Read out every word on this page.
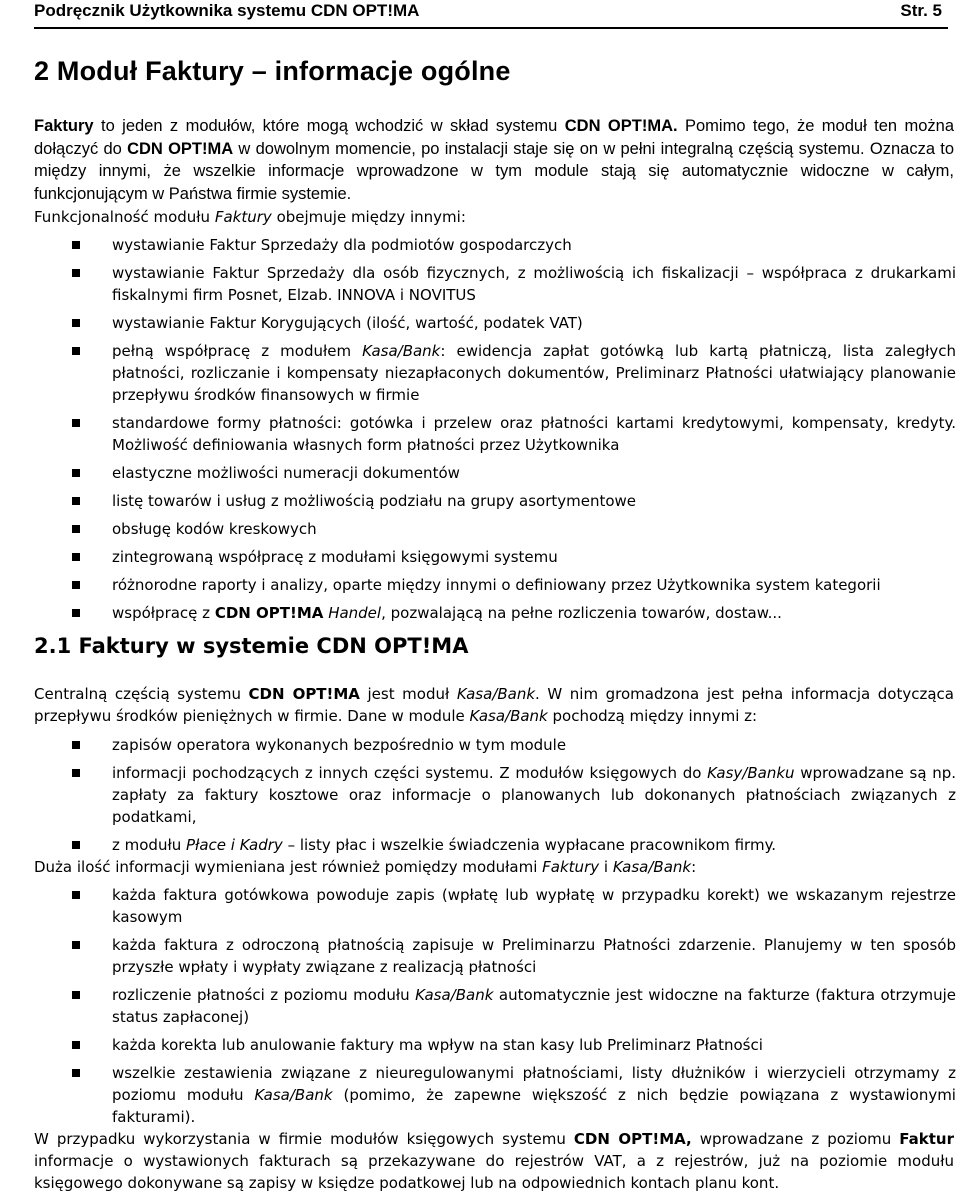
Podręcznik Użytkownika systemu CDN OPT!MA	Str. 5
2 Moduł Faktury – informacje ogólne

Faktury to jeden z modułów, które mogą wchodzić w skład systemu CDN OPT!MA. Pomimo tego, że moduł ten można dołączyć do CDN OPT!MA w dowolnym momencie, po instalacji staje się on w pełni integralną częścią systemu. Oznacza to między innymi, że wszelkie informacje wprowadzone w tym module stają się automatycznie widoczne w całym, funkcjonującym w Państwa firmie systemie.

Funkcjonalność modułu Faktury obejmuje między innymi:

wystawianie Faktur Sprzedaży dla podmiotów gospodarczych
wystawianie Faktur Sprzedaży dla osób fizycznych, z możliwością ich fiskalizacji – współpraca z drukarkami fiskalnymi firm Posnet, Elzab. INNOVA i NOVITUS
wystawianie Faktur Korygujących (ilość, wartość, podatek VAT)
pełną współpracę z modułem Kasa/Bank: ewidencja zapłat gotówką lub kartą płatniczą, lista zaległych płatności, rozliczanie i kompensaty niezapłaconych dokumentów, Preliminarz Płatności ułatwiający planowanie przepływu środków finansowych w firmie
standardowe formy płatności: gotówka i przelew oraz płatności kartami kredytowymi, kompensaty, kredyty. Możliwość definiowania własnych form płatności przez Użytkownika
elastyczne możliwości numeracji dokumentów
listę towarów i usług z możliwością podziału na grupy asortymentowe
obsługę kodów kreskowych
zintegrowaną współpracę z modułami księgowymi systemu
różnorodne raporty i analizy, oparte między innymi o definiowany przez Użytkownika system kategorii
współpracę z CDN OPT!MA Handel, pozwalającą na pełne rozliczenia towarów, dostaw...
2.1 Faktury w systemie CDN OPT!MA

Centralną częścią systemu CDN OPT!MA jest moduł Kasa/Bank. W nim gromadzona jest pełna informacja dotycząca przepływu środków pieniężnych w firmie. Dane w module Kasa/Bank pochodzą między innymi z:

zapisów operatora wykonanych bezpośrednio w tym module
informacji pochodzących z innych części systemu. Z modułów księgowych do Kasy/Banku wprowadzane są np. zapłaty za faktury kosztowe oraz informacje o planowanych lub dokonanych płatnościach związanych z podatkami,
z modułu Płace i Kadry – listy płac i wszelkie świadczenia wypłacane pracownikom firmy.

Duża ilość informacji wymieniana jest również pomiędzy modułami Faktury i Kasa/Bank:

każda faktura gotówkowa powoduje zapis (wpłatę lub wypłatę w przypadku korekt) we wskazanym rejestrze kasowym
każda faktura z odroczoną płatnością zapisuje w Preliminarzu Płatności zdarzenie. Planujemy w ten sposób przyszłe wpłaty i wypłaty związane z realizacją płatności
rozliczenie płatności z poziomu modułu Kasa/Bank automatycznie jest widoczne na fakturze (faktura otrzymuje status zapłaconej)
każda korekta lub anulowanie faktury ma wpływ na stan kasy lub Preliminarz Płatności
wszelkie zestawienia związane z nieuregulowanymi płatnościami, listy dłużników i wierzycieli otrzymamy z poziomu modułu Kasa/Bank (pomimo, że zapewne większość z nich będzie powiązana z wystawionymi fakturami).

W przypadku wykorzystania w firmie modułów księgowych systemu CDN OPT!MA, wprowadzane z poziomu Faktur informacje o wystawionych fakturach są przekazywane do rejestrów VAT, a z rejestrów, już na poziomie modułu księgowego dokonywane są zapisy w księdze podatkowej lub na odpowiednich kontach planu kont.
